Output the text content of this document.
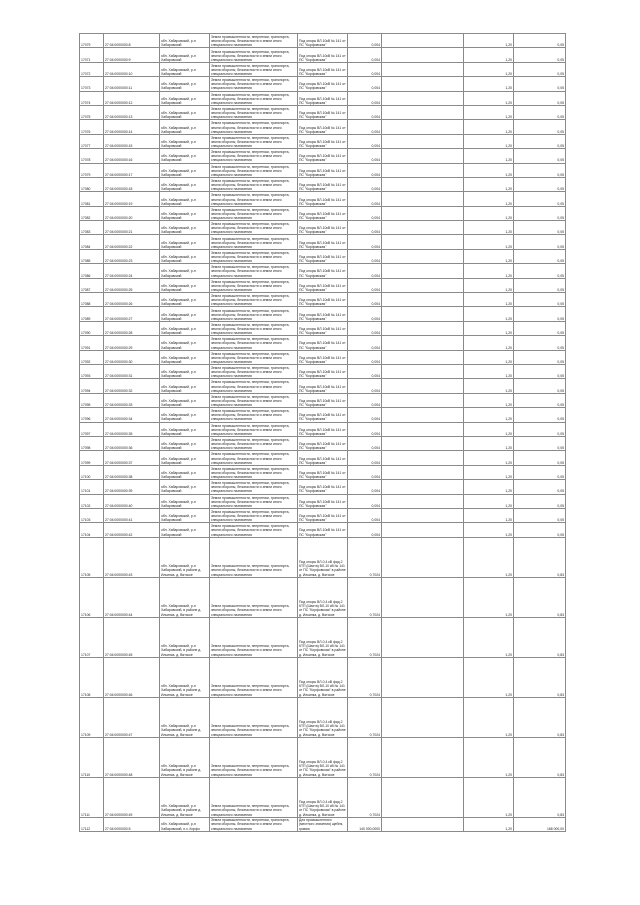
17079	27:04:0000000:8	обл. Хабаровский, р-н Хабаровский	Земли промышленности, энергетики, транспорта, земли обороны, безопасности и земли иного специального назначения	Под опоры ВЛ-10кВ № 141 от ПС "Корфовская"	0,004		1,20	0,05
17071	27:04:0000000:9	обл. Хабаровский, р-н Хабаровский	Земли промышленности, энергетики, транспорта, земли обороны, безопасности и земли иного специального назначения	Под опоры ВЛ-10кВ № 141 от ПС "Корфовская"	0,004		1,20	0,05
17072	27:04:0000000:10	обл. Хабаровский, р-н Хабаровский	Земли промышленности, энергетики, транспорта, земли обороны, безопасности и земли иного специального назначения	Под опоры ВЛ-10кВ № 141 от ПС "Корфовская"	0,004		1,20	0,05
17073	27:04:0000000:11	обл. Хабаровский, р-н Хабаровский	Земли промышленности, энергетики, транспорта, земли обороны, безопасности и земли иного специального назначения	Под опоры ВЛ-10кВ № 141 от ПС "Корфовская"	0,004		1,20	0,05
17074	27:04:0000000:12	обл. Хабаровский, р-н Хабаровский	Земли промышленности, энергетики, транспорта, земли обороны, безопасности и земли иного специального назначения	Под опоры ВЛ-10кВ № 141 от ПС "Корфовская"	0,004		1,20	0,05
17075	27:04:0000000:13	обл. Хабаровский, р-н Хабаровский	Земли промышленности, энергетики, транспорта, земли обороны, безопасности и земли иного специального назначения	Под опоры ВЛ-10кВ № 141 от ПС "Корфовская"	0,004		1,20	0,05
17076	27:04:0000000:14	обл. Хабаровский, р-н Хабаровский	Земли промышленности, энергетики, транспорта, земли обороны, безопасности и земли иного специального назначения	Под опоры ВЛ-10кВ № 141 от ПС "Корфовская"	0,004		1,20	0,05
17077	27:04:0000000:15	обл. Хабаровский, р-н Хабаровский	Земли промышленности, энергетики, транспорта, земли обороны, безопасности и земли иного специального назначения	Под опоры ВЛ-10кВ № 141 от ПС "Корфовская"	0,004		1,20	0,05
17078	27:04:0000000:16	обл. Хабаровский, р-н Хабаровский	Земли промышленности, энергетики, транспорта, земли обороны, безопасности и земли иного специального назначения	Под опоры ВЛ-10кВ № 141 от ПС "Корфовская"	0,004		1,20	0,05
17079	27:04:0000000:17	обл. Хабаровский, р-н Хабаровский	Земли промышленности, энергетики, транспорта, земли обороны, безопасности и земли иного специального назначения	Под опоры ВЛ-10кВ № 141 от ПС "Корфовская"	0,004		1,20	0,05
17080	27:04:0000000:18	обл. Хабаровский, р-н Хабаровский	Земли промышленности, энергетики, транспорта, земли обороны, безопасности и земли иного специального назначения	Под опоры ВЛ-10кВ № 141 от ПС "Корфовская"	0,004		1,20	0,05
17081	27:04:0000000:19	обл. Хабаровский, р-н Хабаровский	Земли промышленности, энергетики, транспорта, земли обороны, безопасности и земли иного специального назначения	Под опоры ВЛ-10кВ № 141 от ПС "Корфовская"	0,004		1,20	0,05
17082	27:04:0000000:20	обл. Хабаровский, р-н Хабаровский	Земли промышленности, энергетики, транспорта, земли обороны, безопасности и земли иного специального назначения	Под опоры ВЛ-10кВ № 141 от ПС "Корфовская"	0,004		1,20	0,05
17083	27:04:0000000:21	обл. Хабаровский, р-н Хабаровский	Земли промышленности, энергетики, транспорта, земли обороны, безопасности и земли иного специального назначения	Под опоры ВЛ-10кВ № 141 от ПС "Корфовская"	0,004		1,20	0,05
17084	27:04:0000000:22	обл. Хабаровский, р-н Хабаровский	Земли промышленности, энергетики, транспорта, земли обороны, безопасности и земли иного специального назначения	Под опоры ВЛ-10кВ № 141 от ПС "Корфовская"	0,004		1,20	0,05
17085	27:04:0000000:23	обл. Хабаровский, р-н Хабаровский	Земли промышленности, энергетики, транспорта, земли обороны, безопасности и земли иного специального назначения	Под опоры ВЛ-10кВ № 141 от ПС "Корфовская"	0,004		1,20	0,05
17086	27:04:0000000:24	обл. Хабаровский, р-н Хабаровский	Земли промышленности, энергетики, транспорта, земли обороны, безопасности и земли иного специального назначения	Под опоры ВЛ-10кВ № 141 от ПС "Корфовская"	0,004		1,20	0,05
17087	27:04:0000000:25	обл. Хабаровский, р-н Хабаровский	Земли промышленности, энергетики, транспорта, земли обороны, безопасности и земли иного специального назначения	Под опоры ВЛ-10кВ № 141 от ПС "Корфовская"	0,004		1,20	0,05
17088	27:04:0000000:26	обл. Хабаровский, р-н Хабаровский	Земли промышленности, энергетики, транспорта, земли обороны, безопасности и земли иного специального назначения	Под опоры ВЛ-10кВ № 141 от ПС "Корфовская"	0,004		1,20	0,05
17089	27:04:0000000:27	обл. Хабаровский, р-н Хабаровский	Земли промышленности, энергетики, транспорта, земли обороны, безопасности и земли иного специального назначения	Под опоры ВЛ-10кВ № 141 от ПС "Корфовская"	0,004		1,20	0,05
17090	27:04:0000000:28	обл. Хабаровский, р-н Хабаровский	Земли промышленности, энергетики, транспорта, земли обороны, безопасности и земли иного специального назначения	Под опоры ВЛ-10кВ № 141 от ПС "Корфовская"	0,004		1,20	0,05
17091	27:04:0000000:29	обл. Хабаровский, р-н Хабаровский	Земли промышленности, энергетики, транспорта, земли обороны, безопасности и земли иного специального назначения	Под опоры ВЛ-10кВ № 141 от ПС "Корфовская"	0,004		1,20	0,05
17092	27:04:0000000:30	обл. Хабаровский, р-н Хабаровский	Земли промышленности, энергетики, транспорта, земли обороны, безопасности и земли иного специального назначения	Под опоры ВЛ-10кВ № 141 от ПС "Корфовская"	0,004		1,20	0,05
17093	27:04:0000000:31	обл. Хабаровский, р-н Хабаровский	Земли промышленности, энергетики, транспорта, земли обороны, безопасности и земли иного специального назначения	Под опоры ВЛ-10кВ № 141 от ПС "Корфовская"	0,004		1,20	0,05
17094	27:04:0000000:32	обл. Хабаровский, р-н Хабаровский	Земли промышленности, энергетики, транспорта, земли обороны, безопасности и земли иного специального назначения	Под опоры ВЛ-10кВ № 141 от ПС "Корфовская"	0,004		1,20	0,05
17095	27:04:0000000:33	обл. Хабаровский, р-н Хабаровский	Земли промышленности, энергетики, транспорта, земли обороны, безопасности и земли иного специального назначения	Под опоры ВЛ-10кВ № 141 от ПС "Корфовская"	0,004		1,20	0,05
17096	27:04:0000000:34	обл. Хабаровский, р-н Хабаровский	Земли промышленности, энергетики, транспорта, земли обороны, безопасности и земли иного специального назначения	Под опоры ВЛ-10кВ № 141 от ПС "Корфовская"	0,004		1,20	0,05
17097	27:04:0000000:35	обл. Хабаровский, р-н Хабаровский	Земли промышленности, энергетики, транспорта, земли обороны, безопасности и земли иного специального назначения	Под опоры ВЛ-10кВ № 141 от ПС "Корфовская"	0,004		1,20	0,05
17098	27:04:0000000:36	обл. Хабаровский, р-н Хабаровский	Земли промышленности, энергетики, транспорта, земли обороны, безопасности и земли иного специального назначения	Под опоры ВЛ-10кВ № 141 от ПС "Корфовская"	0,004		1,20	0,05
17099	27:04:0000000:37	обл. Хабаровский, р-н Хабаровский	Земли промышленности, энергетики, транспорта, земли обороны, безопасности и земли иного специального назначения	Под опоры ВЛ-10кВ № 141 от ПС "Корфовская"	0,004		1,20	0,05
17100	27:04:0000000:38	обл. Хабаровский, р-н Хабаровский	Земли промышленности, энергетики, транспорта, земли обороны, безопасности и земли иного специального назначения	Под опоры ВЛ-10кВ № 141 от ПС "Корфовская"	0,004		1,20	0,05
17101	27:04:0000000:39	обл. Хабаровский, р-н Хабаровский	Земли промышленности, энергетики, транспорта, земли обороны, безопасности и земли иного специального назначения	Под опоры ВЛ-10кВ № 141 от ПС "Корфовская"	0,004		1,20	0,05
17102	27:04:0000000:40	обл. Хабаровский, р-н Хабаровский	Земли промышленности, энергетики, транспорта, земли обороны, безопасности и земли иного специального назначения	Под опоры ВЛ-10кВ № 141 от ПС "Корфовская"	0,004		1,20	0,05
17103	27:04:0000000:41	обл. Хабаровский, р-н Хабаровский	Земли промышленности, энергетики, транспорта, земли обороны, безопасности и земли иного специального назначения	Под опоры ВЛ-10кВ № 141 от ПС "Корфовская"	0,004		1,20	0,05
17104	27:04:0000000:42	обл. Хабаровский, р-н Хабаровский	Земли промышленности, энергетики, транспорта, земли обороны, безопасности и земли иного специального назначения	Под опоры ВЛ-10кВ № 141 от ПС "Корфовская"	0,004		1,20	0,05
17105	27:04:0000000:43	обл. Хабаровский, р-н Хабаровский, в районе д. Ильинка, д. Вятское	Земли промышленности, энергетики, транспорта, земли обороны, безопасности и земли иного специального назначения	Под опоры ВЛ-0,4 кВ фид.2 КТП (Шахта) ВЛ-10 кВ № 141 от ПС "Корфовская" в районе д. Ильинка, д. Вятское	0,7024		1,20	0,83
17106	27:04:0000000:44	обл. Хабаровский, р-н Хабаровский, в районе д. Ильинка, д. Вятское	Земли промышленности, энергетики, транспорта, земли обороны, безопасности и земли иного специального назначения	Под опоры ВЛ-0,4 кВ фид.2 КТП (Шахта) ВЛ-10 кВ № 141 от ПС "Корфовская" в районе д. Ильинка, д. Вятское	0,7024		1,20	0,83
17107	27:04:0000000:45	обл. Хабаровский, р-н Хабаровский, в районе д. Ильинка, д. Вятское	Земли промышленности, энергетики, транспорта, земли обороны, безопасности и земли иного специального назначения	Под опоры ВЛ-0,4 кВ фид.2 КТП (Шахта) ВЛ-10 кВ № 141 от ПС "Корфовская" в районе д. Ильинка, д. Вятское	0,7024		1,20	0,83
17108	27:04:0000000:46	обл. Хабаровский, р-н Хабаровский, в районе д. Ильинка, д. Вятское	Земли промышленности, энергетики, транспорта, земли обороны, безопасности и земли иного специального назначения	Под опоры ВЛ-0,4 кВ фид.2 КТП (Шахта) ВЛ-10 кВ № 141 от ПС "Корфовская" в районе д. Ильинка, д. Вятское	0,7024		1,20	0,83
17109	27:04:0000000:47	обл. Хабаровский, р-н Хабаровский, в районе д. Ильинка, д. Вятское	Земли промышленности, энергетики, транспорта, земли обороны, безопасности и земли иного специального назначения	Под опоры ВЛ-0,4 кВ фид.2 КТП (Шахта) ВЛ-10 кВ № 141 от ПС "Корфовская" в районе д. Ильинка, д. Вятское	0,7024		1,20	0,83
17110	27:04:0000000:48	обл. Хабаровский, р-н Хабаровский, в районе д. Ильинка, д. Вятское	Земли промышленности, энергетики, транспорта, земли обороны, безопасности и земли иного специального назначения	Под опоры ВЛ-0,4 кВ фид.2 КТП (Шахта) ВЛ-10 кВ № 141 от ПС "Корфовская" в районе д. Ильинка, д. Вятское	0,7024		1,20	0,83
17111	27:04:0000000:49	обл. Хабаровский, р-н Хабаровский, в районе д. Ильинка, д. Вятское	Земли промышленности, энергетики, транспорта, земли обороны, безопасности и земли иного специального назначения	Под опоры ВЛ-0,4 кВ фид.2 КТП (Шахта) ВЛ-10 кВ № 141 от ПС "Корфовская" в районе д. Ильинка, д. Вятское	0,7024		1,20	0,83
17112	27:04:0000000:5	обл. Хабаровский, р-н Хабаровский, п.з. Корфо	Земли промышленности, энергетики, транспорта, земли обороны, безопасности и земли иного специального назначения	Для промышленного (местного значения) щебня, гравия	140 000,0000		1,20	168 000,00
